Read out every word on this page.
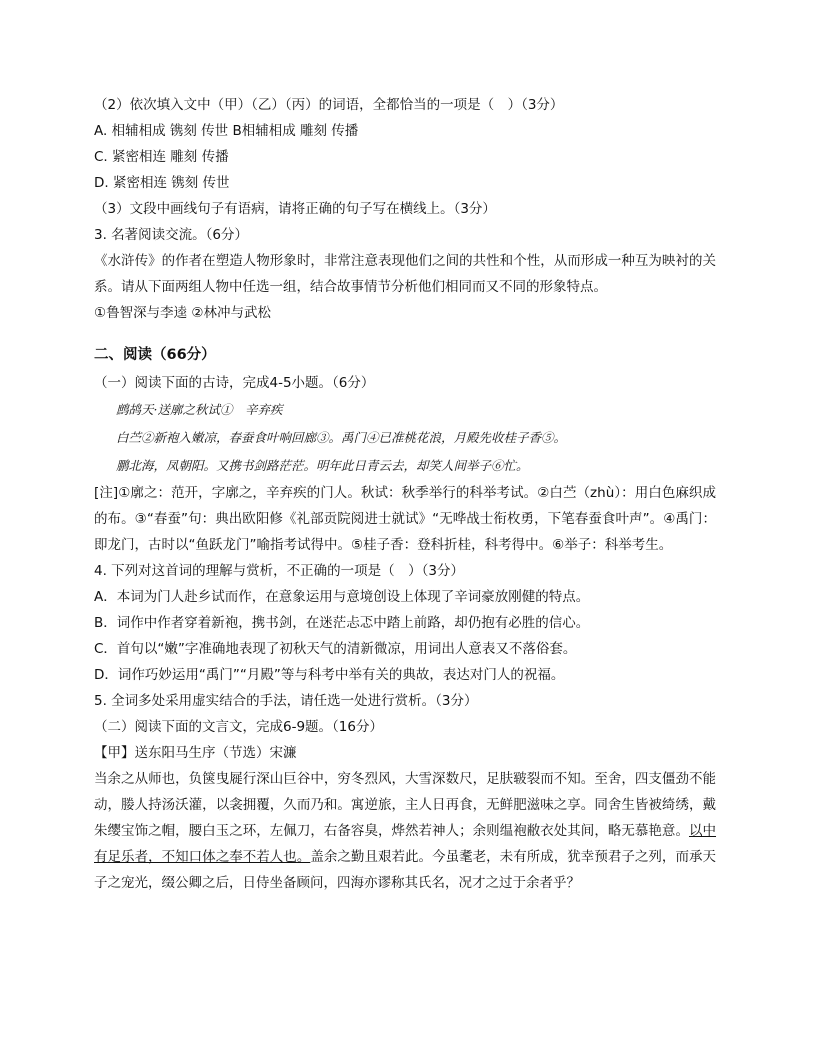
（2）依次填入文中（甲）（乙）（丙）的词语，全都恰当的一项是（　）（3分）
A. 相辅相成 镌刻 传世 B相辅相成 雕刻 传播
C. 紧密相连 雕刻 传播
D. 紧密相连 镌刻 传世
（3）文段中画线句子有语病，请将正确的句子写在横线上。（3分）
3. 名著阅读交流。（6分）
《水浒传》的作者在塑造人物形象时，非常注意表现他们之间的共性和个性，从而形成一种互为映衬的关系。请从下面两组人物中任选一组，结合故事情节分析他们相同而又不同的形象特点。
①鲁智深与李逵 ②林冲与武松
二、阅读（66分）
（一）阅读下面的古诗，完成4-5小题。（6分）
鹧鸪天·送廓之秋试①　辛弃疾
白苎②新袍入嫩凉，春蚕食叶响回廊③。禹门④已准桃花浪，月殿先收桂子香⑤。
鹏北海，凤朝阳。又携书剑路茫茫。明年此日青云去，却笑人间举子⑥忙。
[注]①廓之：范开，字廓之，辛弃疾的门人。秋试：秋季举行的科举考试。②白苎（zhù）：用白色麻织成的布。③“春蚕”句：典出欧阳修《礼部贡院阅进士就试》“无哗战士衔枚勇，下笔春蚕食叶声”。④禹门：即龙门，古时以“鱼跃龙门”喻指考试得中。⑤桂子香：登科折桂，科考得中。⑥举子：科举考生。
4. 下列对这首词的理解与赏析，不正确的一项是（　）（3分）
A．本词为门人赴乡试而作，在意象运用与意境创设上体现了辛词豪放刚健的特点。
B．词作中作者穿着新袍，携书剑，在迷茫忐忑中踏上前路，却仍抱有必胜的信心。
C．首句以“嫩”字准确地表现了初秋天气的清新微凉，用词出人意表又不落俗套。
D．词作巧妙运用“禹门”“月殿”等与科考中举有关的典故，表达对门人的祝福。
5. 全词多处采用虚实结合的手法，请任选一处进行赏析。（3分）
（二）阅读下面的文言文，完成6-9题。（16分）
【甲】送东阳马生序（节选）宋濂
当余之从师也，负箧曳屣行深山巨谷中，穷冬烈风，大雪深数尺，足肤皲裂而不知。至舍，四支僵劲不能动，媵人持汤沃灌，以衾拥覆，久而乃和。寓逆旅，主人日再食，无鲜肥滋味之享。同舍生皆被绮绣，戴朱缨宝饰之帽，腰白玉之环，左佩刀，右备容臭，烨然若神人；余则缊袍敝衣处其间，略无慕艳意。以中有足乐者，不知口体之奉不若人也。盖余之勤且艰若此。今虽耄老，未有所成，犹幸预君子之列，而承天子之宠光，缀公卿之后，日侍坐备顾问，四海亦谬称其氏名，况才之过于余者乎？
